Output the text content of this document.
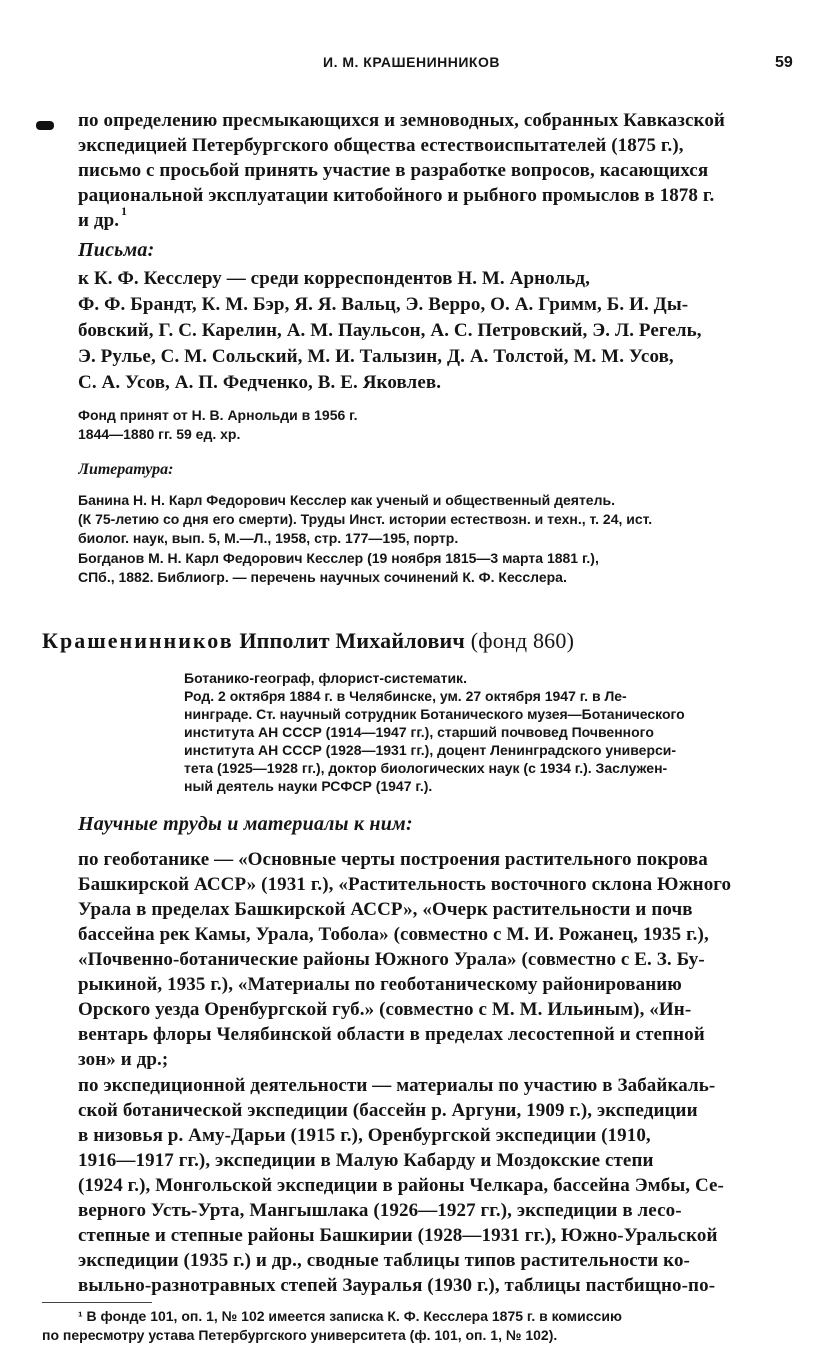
И. М. КРАШЕНИННИКОВ	59
по определению пресмыкающихся и земноводных, собранных Кавказской
экспедицией Петербургского общества естествоиспытателей (1875 г.),
письмо с просьбой принять участие в разработке вопросов, касающихся
рациональной эксплуатации китобойного и рыбного промыслов в 1878 г.
и др. 1
Письма:
к К. Ф. Кесслеру — среди корреспондентов Н. М. Арнольд,
Ф. Ф. Брандт, К. М. Бэр, Я. Я. Вальц, Э. Верро, О. А. Гримм, Б. И. Ды-
бовский, Г. С. Карелин, А. М. Паульсон, А. С. Петровский, Э. Л. Регель,
Э. Рулье, С. М. Сольский, М. И. Талызин, Д. А. Толстой, М. М. Усов,
С. А. Усов, А. П. Федченко, В. Е. Яковлев.
Фонд принят от Н. В. Арнольди в 1956 г.
1844—1880 гг. 59 ед. хр.
Литература:
Банина Н. Н. Карл Федорович Кесслер как ученый и общественный деятель.
(К 75-летию со дня его смерти). Труды Инст. истории естествозн. и техн., т. 24, ист.
биолог. наук, вып. 5, М.—Л., 1958, стр. 177—195, портр.
Богданов М. Н. Карл Федорович Кесслер (19 ноября 1815—3 марта 1881 г.),
СПб., 1882. Библиогр. — перечень научных сочинений К. Ф. Кесслера.
Крашенинников Ипполит Михайлович (фонд 860)
Ботанико-географ, флорист-систематик.
Род. 2 октября 1884 г. в Челябинске, ум. 27 октября 1947 г. в Ле-
нинграде. Ст. научный сотрудник Ботанического музея—Ботанического
института АН СССР (1914—1947 гг.), старший почвовед Почвенного
института АН СССР (1928—1931 гг.), доцент Ленинградского универси-
тета (1925—1928 гг.), доктор биологических наук (с 1934 г.). Заслужен-
ный деятель науки РСФСР (1947 г.).
Научные труды и материалы к ним:
по геоботанике — «Основные черты построения растительного покрова
Башкирской АССР» (1931 г.), «Растительность восточного склона Южного
Урала в пределах Башкирской АССР», «Очерк растительности и почв
бассейна рек Камы, Урала, Тобола» (совместно с М. И. Рожанец, 1935 г.),
«Почвенно-ботанические районы Южного Урала» (совместно с Е. З. Бу-
рыкиной, 1935 г.), «Материалы по геоботаническому районированию
Орского уезда Оренбургской губ.» (совместно с М. М. Ильиным), «Ин-
вентарь флоры Челябинской области в пределах лесостепной и степной
зон» и др.;
по экспедиционной деятельности — материалы по участию в Забайкаль-
ской ботанической экспедиции (бассейн р. Аргуни, 1909 г.), экспедиции
в низовья р. Аму-Дарьи (1915 г.), Оренбургской экспедиции (1910,
1916—1917 гг.), экспедиции в Малую Кабарду и Моздокские степи
(1924 г.), Монгольской экспедиции в районы Челкара, бассейна Эмбы, Се-
верного Усть-Урта, Мангышлака (1926—1927 гг.), экспедиции в лесо-
степные и степные районы Башкирии (1928—1931 гг.), Южно-Уральской
экспедиции (1935 г.) и др., сводные таблицы типов растительности ко-
выльно-разнотравных степей Зауралья (1930 г.), таблицы пастбищно-по-
¹ В фонде 101, оп. 1, № 102 имеется записка К. Ф. Кесслера 1875 г. в комиссию
по пересмотру устава Петербургского университета (ф. 101, оп. 1, № 102).
